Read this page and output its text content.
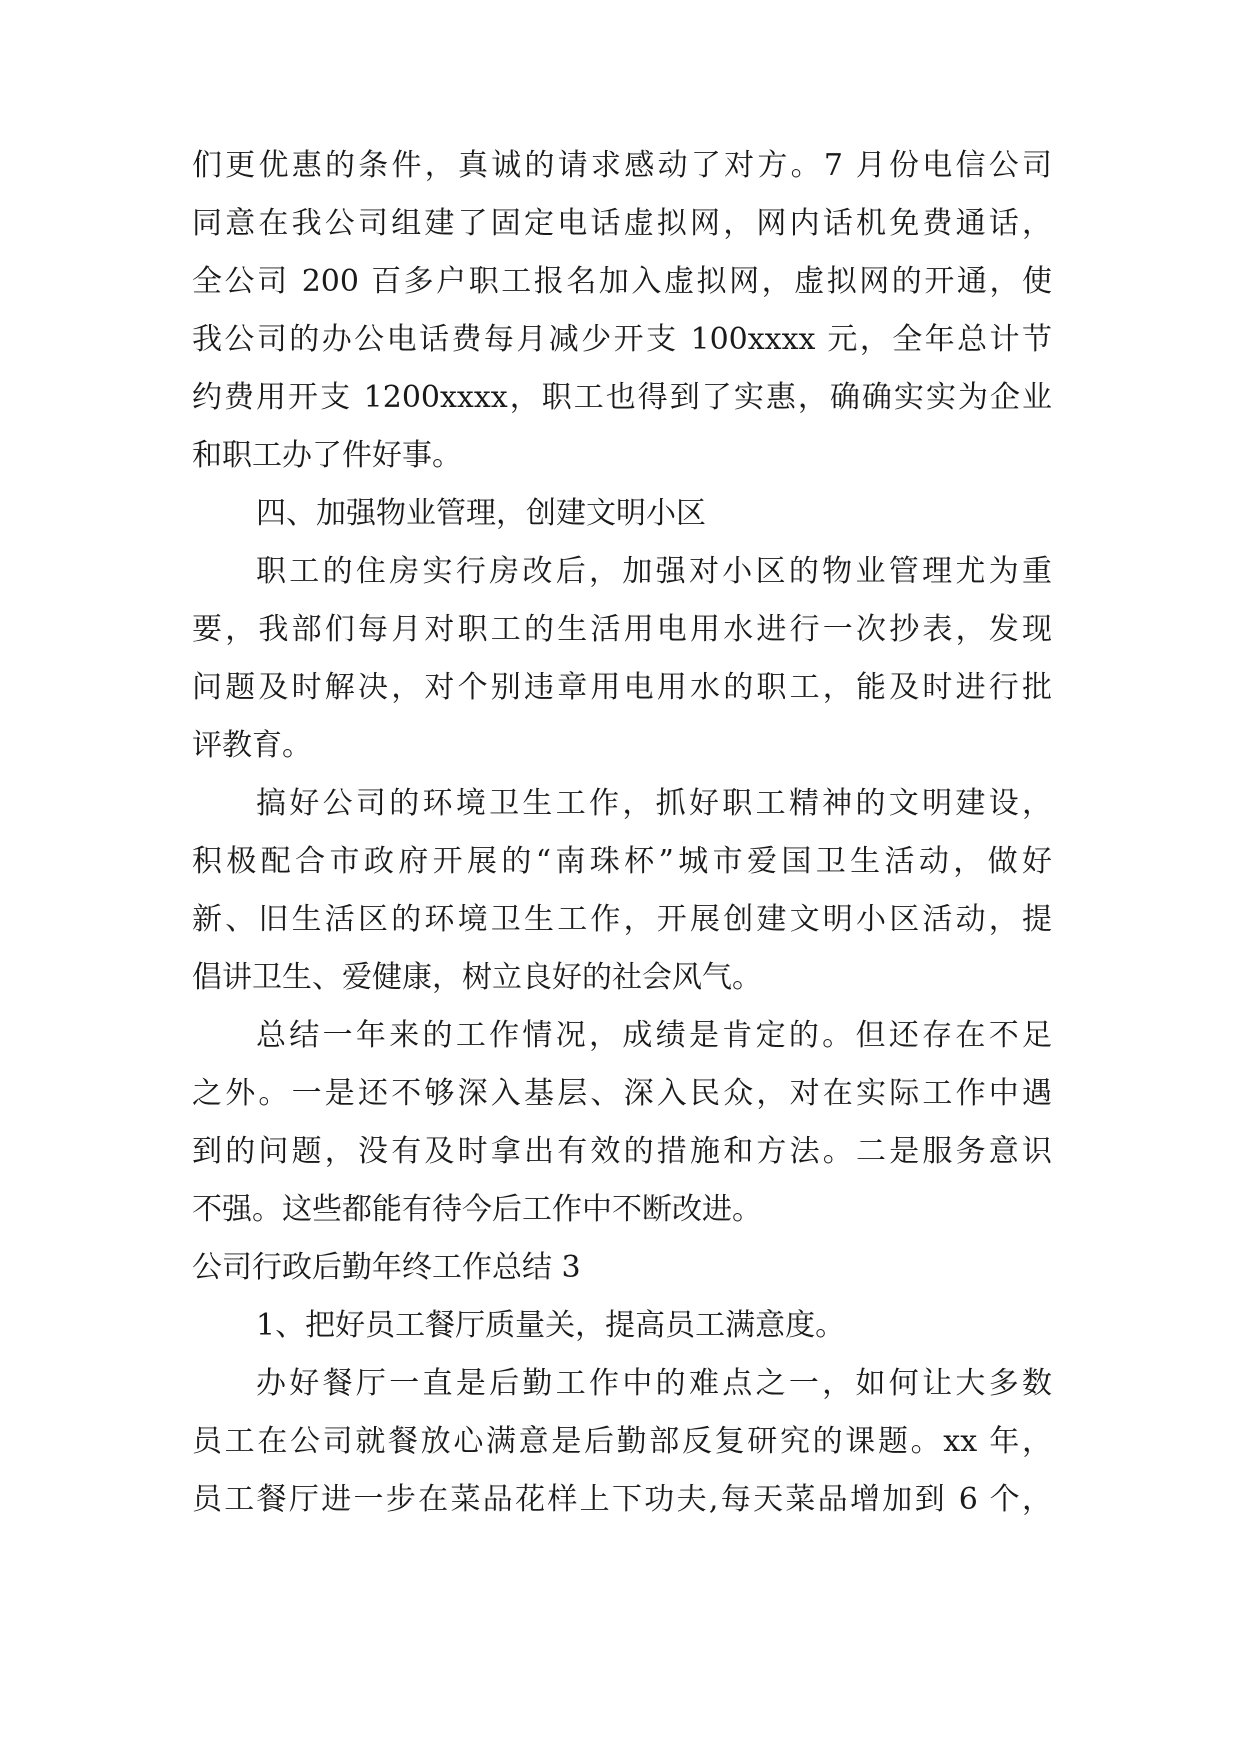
们更优惠的条件，真诚的请求感动了对方。7 月份电信公司
同意在我公司组建了固定电话虚拟网，网内话机免费通话，
全公司 200 百多户职工报名加入虚拟网，虚拟网的开通，使
我公司的办公电话费每月减少开支 100xxxx 元，全年总计节
约费用开支 1200xxxx，职工也得到了实惠，确确实实为企业
和职工办了件好事。
四、加强物业管理，创建文明小区
职工的住房实行房改后，加强对小区的物业管理尤为重
要，我部们每月对职工的生活用电用水进行一次抄表，发现
问题及时解决，对个别违章用电用水的职工，能及时进行批
评教育。
搞好公司的环境卫生工作，抓好职工精神的文明建设，
积极配合市政府开展的“南珠杯”城市爱国卫生活动，做好
新、旧生活区的环境卫生工作，开展创建文明小区活动，提
倡讲卫生、爱健康，树立良好的社会风气。
总结一年来的工作情况，成绩是肯定的。但还存在不足
之外。一是还不够深入基层、深入民众，对在实际工作中遇
到的问题，没有及时拿出有效的措施和方法。二是服务意识
不强。这些都能有待今后工作中不断改进。
公司行政后勤年终工作总结 3
1、把好员工餐厅质量关，提高员工满意度。
办好餐厅一直是后勤工作中的难点之一，如何让大多数
员工在公司就餐放心满意是后勤部反复研究的课题。xx 年，
员工餐厅进一步在菜品花样上下功夫,每天菜品增加到 6 个，
